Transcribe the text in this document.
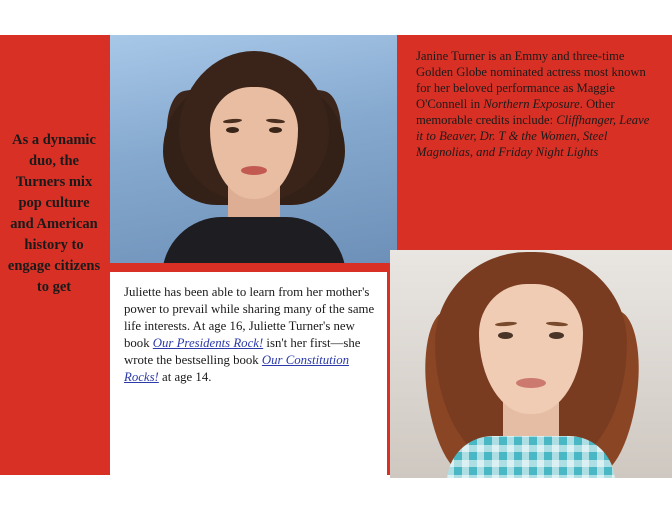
As a dynamic duo, the Turners mix pop culture and American history to engage citizens to get

Janine Turner is an Emmy and three-time Golden Globe nominated actress most known for her beloved performance as Maggie O'Connell in Northern Exposure. Other memorable credits include: Cliffhanger, Leave it to Beaver, Dr. T & the Women, Steel Magnolias, and Friday Night Lights

Juliette has been able to learn from her mother's power to prevail while sharing many of the same life interests. At age 16, Juliette Turner's new book Our Presidents Rock! isn't her first—she wrote the bestselling book Our Constitution Rocks! at age 14.
